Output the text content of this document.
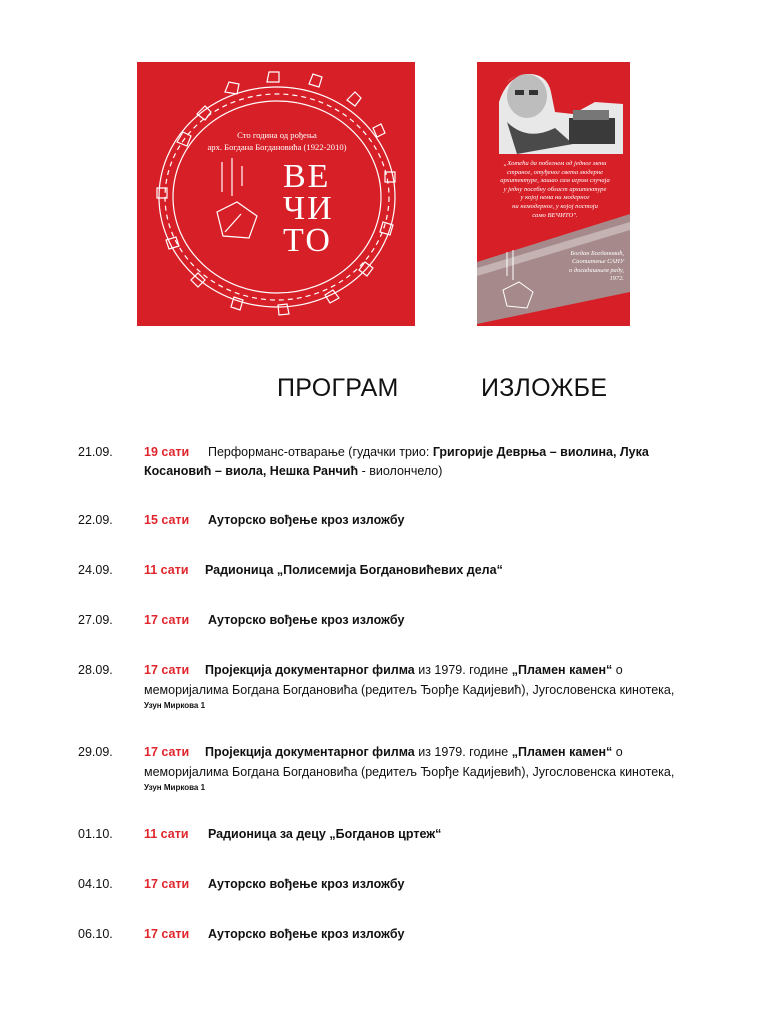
Сто година од рођења
арх. Богдана Богдановића (1922-2010)
ВЕ
ЧИ
ТО
„Хотећи да побегнем од једног мени
страног, отуђеног света модерне
архитектуре, зашао сам игром случаја
у једну посебну област архитектуре
у којој нема ни модерног
ни немодерног, у којој постоји
само ВЕЧИТО".
Богдан Богдановић,
Саопштење САНУ
о досадашњем раду,
1972.
ПРОГРАМ	ИЗЛОЖБЕ
21.09. 19 сати Перформанс-отварање (гудачки трио: Григорије Деврња – виолина, Лука
Косановић – виола, Нешка Ранчић - виолончело)
22.09. 15 сати Ауторско вођење кроз изложбу
24.09. 11 сати Радионица „Полисемија Богдановићевих дела“
27.09. 17 сати Ауторско вођење кроз изложбу
28.09. 17 сати Пројекција документарног филма из 1979. године „Пламен камен“ о
меморијалима Богдана Богдановића (редитељ Ђорђе Кадијевић), Југословенска кинотека,
Узун Миркова 1
29.09. 17 сати Пројекција документарног филма из 1979. године „Пламен камен“ о
меморијалима Богдана Богдановића (редитељ Ђорђе Кадијевић), Југословенска кинотека,
Узун Миркова 1
01.10. 11 сати Радионица за децу „Богданов цртеж“
04.10. 17 сати Ауторско вођење кроз изложбу
06.10. 17 сати Ауторско вођење кроз изложбу
